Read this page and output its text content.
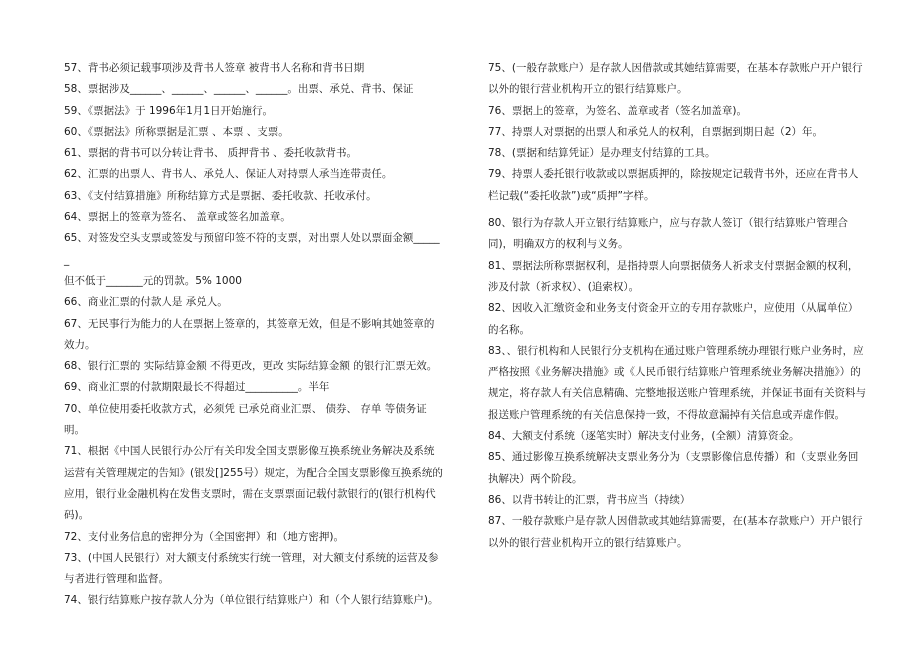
57、背书必须记载事项涉及背书人签章 被背书人名称和背书日期

58、票据涉及______、______、______、______。出票、承兑、背书、保证

59、《票据法》于 1996年1月1日开始施行。

60、《票据法》所称票据是汇票 、本票 、支票。

61、票据的背书可以分转让背书、 质押背书 、委托收款背书。

62、汇票的出票人、背书人、承兑人、保证人对持票人承当连带责任。

63、《支付结算措施》所称结算方式是票据、委托收款、托收承付。

64、票据上的签章为签名、 盖章或签名加盖章。

65、对签发空头支票或签发与预留印签不符的支票，对出票人处以票面金额______

但不低于_______元的罚款。5% 1000

66、商业汇票的付款人是 承兑人。

67、无民事行为能力的人在票据上签章的，其签章无效，但是不影响其她签章的效力。

68、银行汇票的 实际结算金额 不得更改，更改 实际结算金额 的银行汇票无效。

69、商业汇票的付款期限最长不得超过__________。半年

70、单位使用委托收款方式，必须凭 已承兑商业汇票、 债券、 存单 等债务证明。

71、根据《中国人民银行办公厅有关印发全国支票影像互换系统业务解决及系统运营有关管理规定的告知》(银发[]255号）规定，为配合全国支票影像互换系统的应用，银行业金融机构在发售支票时，需在支票票面记载付款银行的(银行机构代码)。

72、支付业务信息的密押分为（全国密押）和（地方密押)。

73、(中国人民银行）对大额支付系统实行统一管理，对大额支付系统的运营及参与者进行管理和监督。

74、银行结算账户按存款人分为（单位银行结算账户）和（个人银行结算账户)。

75、(一般存款账户）是存款人因借款或其她结算需要，在基本存款账户开户银行以外的银行营业机构开立的银行结算账户。

76、票据上的签章，为签名、盖章或者（签名加盖章)。

77、持票人对票据的出票人和承兑人的权利，自票据到期日起（2）年。

78、(票据和结算凭证）是办理支付结算的工具。

79、持票人委托银行收款或以票据质押的，除按规定记载背书外，还应在背书人栏记载(“委托收款”)或“质押”字样。

80、银行为存款人开立银行结算账户，应与存款人签订（银行结算账户管理合同)，明确双方的权利与义务。

81、票据法所称票据权利，是指持票人向票据债务人祈求支付票据金额的权利，涉及付款（祈求权）、(追索权）。

82、因收入汇缴资金和业务支付资金开立的专用存款账户，应使用（从属单位）的名称。

83、、银行机构和人民银行分支机构在通过账户管理系统办理银行账户业务时，应严格按照《业务解决措施》或《人民币银行结算账户管理系统业务解决措施》）的规定，将存款人有关信息精确、完整地报送账户管理系统，并保证书面有关资料与报送账户管理系统的有关信息保持一致，不得故意漏掉有关信息或弄虚作假。

84、大额支付系统（逐笔实时）解决支付业务，(全额）清算资金。

85、通过影像互换系统解决支票业务分为（支票影像信息传播）和（支票业务回执解决）两个阶段。

86、以背书转让的汇票，背书应当（持续）

87、一般存款账户是存款人因借款或其她结算需要，在(基本存款账户）开户银行以外的银行营业机构开立的银行结算账户。
